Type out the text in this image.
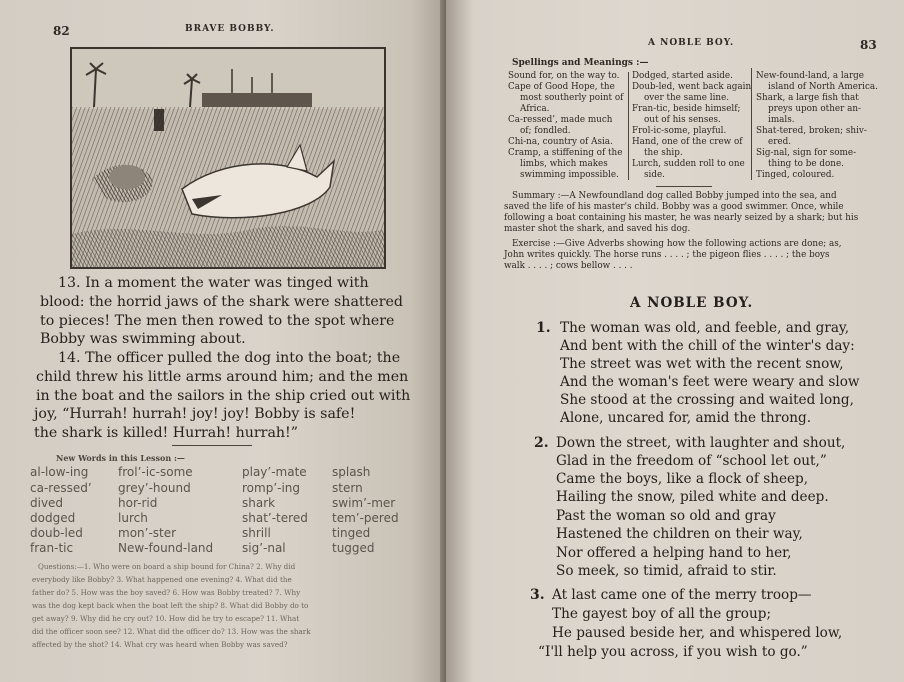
82	BRAVE BOBBY.
13. In a moment the water was tinged with
blood: the horrid jaws of the shark were shattered
to pieces! The men then rowed to the spot where
Bobby was swimming about.
14. The officer pulled the dog into the boat; the
child threw his little arms around him; and the men
in the boat and the sailors in the ship cried out with
joy, “Hurrah! hurrah! joy! joy! Bobby is safe!
the shark is killed! Hurrah! hurrah!”
New Words in this Lesson :—
al-low-ing
ca-ressed’
dived
dodged
doub-led
fran-tic
frol’-ic-some
grey’-hound
hor-rid
lurch
mon’-ster
New-found-land
play’-mate
romp’-ing
shark
shat’-tered
shrill
sig’-nal
splash
stern
swim’-mer
tem’-pered
tinged
tugged
Questions:—1. Who were on board a ship bound for China? 2. Why did
everybody like Bobby? 3. What happened one evening? 4. What did the
father do? 5. How was the boy saved? 6. How was Bobby treated? 7. Why
was the dog kept back when the boat left the ship? 8. What did Bobby do to
get away? 9. Why did he cry out? 10. How did he try to escape? 11. What
did the officer soon see? 12. What did the officer do? 13. How was the shark
affected by the shot? 14. What cry was heard when Bobby was saved?
A NOBLE BOY.	83
Spellings and Meanings :—
Sound for, on the way to.
Cape of Good Hope, the
most southerly point of
Africa.
Ca-ressed’, made much
of; fondled.
Chi-na, country of Asia.
Cramp, a stiffening of the
limbs, which makes
swimming impossible.
Dodged, started aside.
Doub-led, went back again
over the same line.
Fran-tic, beside himself;
out of his senses.
Frol-ic-some, playful.
Hand, one of the crew of
the ship.
Lurch, sudden roll to one
side.
New-found-land, a large
island of North America.
Shark, a large fish that
preys upon other an-
imals.
Shat-tered, broken; shiv-
ered.
Sig-nal, sign for some-
thing to be done.
Tinged, coloured.
Summary :—A Newfoundland dog called Bobby jumped into the sea, and
saved the life of his master's child. Bobby was a good swimmer. Once, while
following a boat containing his master, he was nearly seized by a shark; but his
master shot the shark, and saved his dog.
Exercise :—Give Adverbs showing how the following actions are done; as,
John writes quickly. The horse runs . . . . ; the pigeon flies . . . . ; the boys
walk . . . . ; cows bellow . . . .
A NOBLE BOY.
1. The woman was old, and feeble, and gray,
And bent with the chill of the winter's day:
The street was wet with the recent snow,
And the woman's feet were weary and slow
She stood at the crossing and waited long,
Alone, uncared for, amid the throng.
2. Down the street, with laughter and shout,
Glad in the freedom of “school let out,”
Came the boys, like a flock of sheep,
Hailing the snow, piled white and deep.
Past the woman so old and gray
Hastened the children on their way,
Nor offered a helping hand to her,
So meek, so timid, afraid to stir.
3. At last came one of the merry troop—
The gayest boy of all the group;
He paused beside her, and whispered low,
“I'll help you across, if you wish to go.”
